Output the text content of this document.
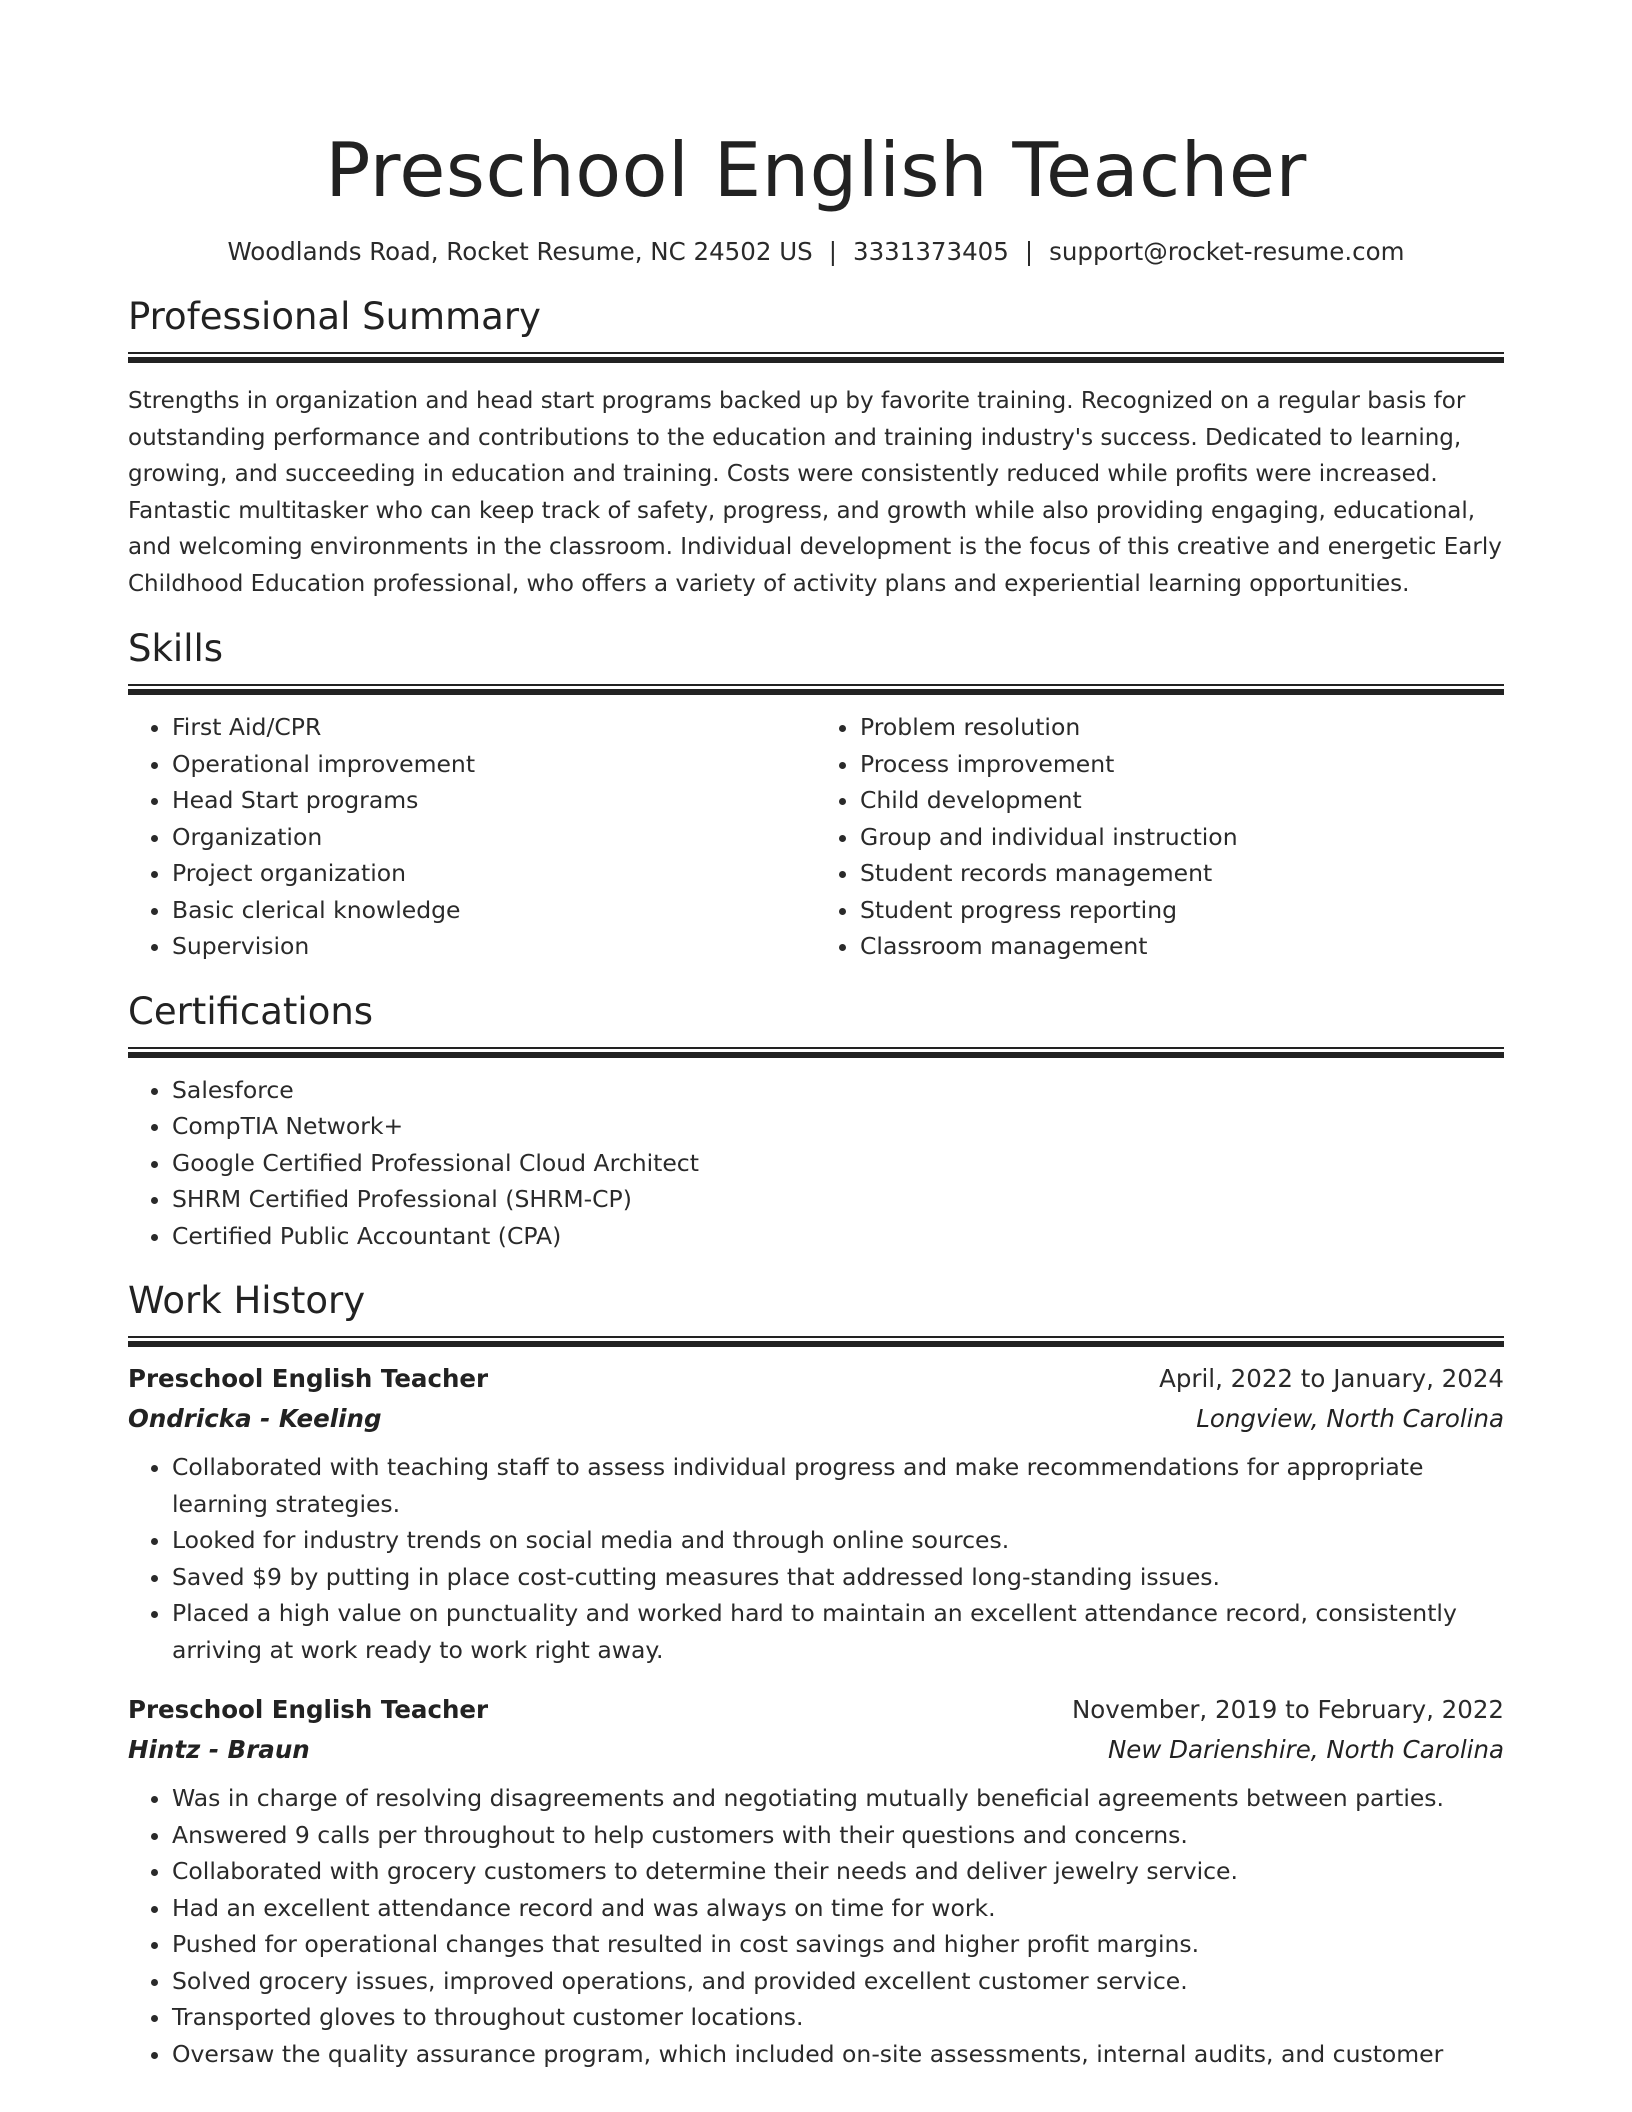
Preschool English Teacher
Woodlands Road, Rocket Resume, NC 24502 US | 3331373405 | support@rocket-resume.com
Professional Summary

Strengths in organization and head start programs backed up by favorite training. Recognized on a regular basis for outstanding performance and contributions to the education and training industry's success. Dedicated to learning, growing, and succeeding in education and training. Costs were consistently reduced while profits were increased. Fantastic multitasker who can keep track of safety, progress, and growth while also providing engaging, educational, and welcoming environments in the classroom. Individual development is the focus of this creative and energetic Early Childhood Education professional, who offers a variety of activity plans and experiential learning opportunities.

Skills
• First Aid/CPR
• Operational improvement
• Head Start programs
• Organization
• Project organization
• Basic clerical knowledge
• Supervision
• Problem resolution
• Process improvement
• Child development
• Group and individual instruction
• Student records management
• Student progress reporting
• Classroom management
Certifications
• Salesforce
• CompTIA Network+
• Google Certified Professional Cloud Architect
• SHRM Certified Professional (SHRM-CP)
• Certified Public Accountant (CPA)
Work History
Preschool English Teacher	April, 2022 to January, 2024
Ondricka - Keeling	Longview, North Carolina
• Collaborated with teaching staff to assess individual progress and make recommendations for appropriate learning strategies.
• Looked for industry trends on social media and through online sources.
• Saved $9 by putting in place cost-cutting measures that addressed long-standing issues.
• Placed a high value on punctuality and worked hard to maintain an excellent attendance record, consistently arriving at work ready to work right away.
Preschool English Teacher	November, 2019 to February, 2022
Hintz - Braun	New Darienshire, North Carolina
• Was in charge of resolving disagreements and negotiating mutually beneficial agreements between parties.
• Answered 9 calls per throughout to help customers with their questions and concerns.
• Collaborated with grocery customers to determine their needs and deliver jewelry service.
• Had an excellent attendance record and was always on time for work.
• Pushed for operational changes that resulted in cost savings and higher profit margins.
• Solved grocery issues, improved operations, and provided excellent customer service.
• Transported gloves to throughout customer locations.
• Oversaw the quality assurance program, which included on-site assessments, internal audits, and customer
